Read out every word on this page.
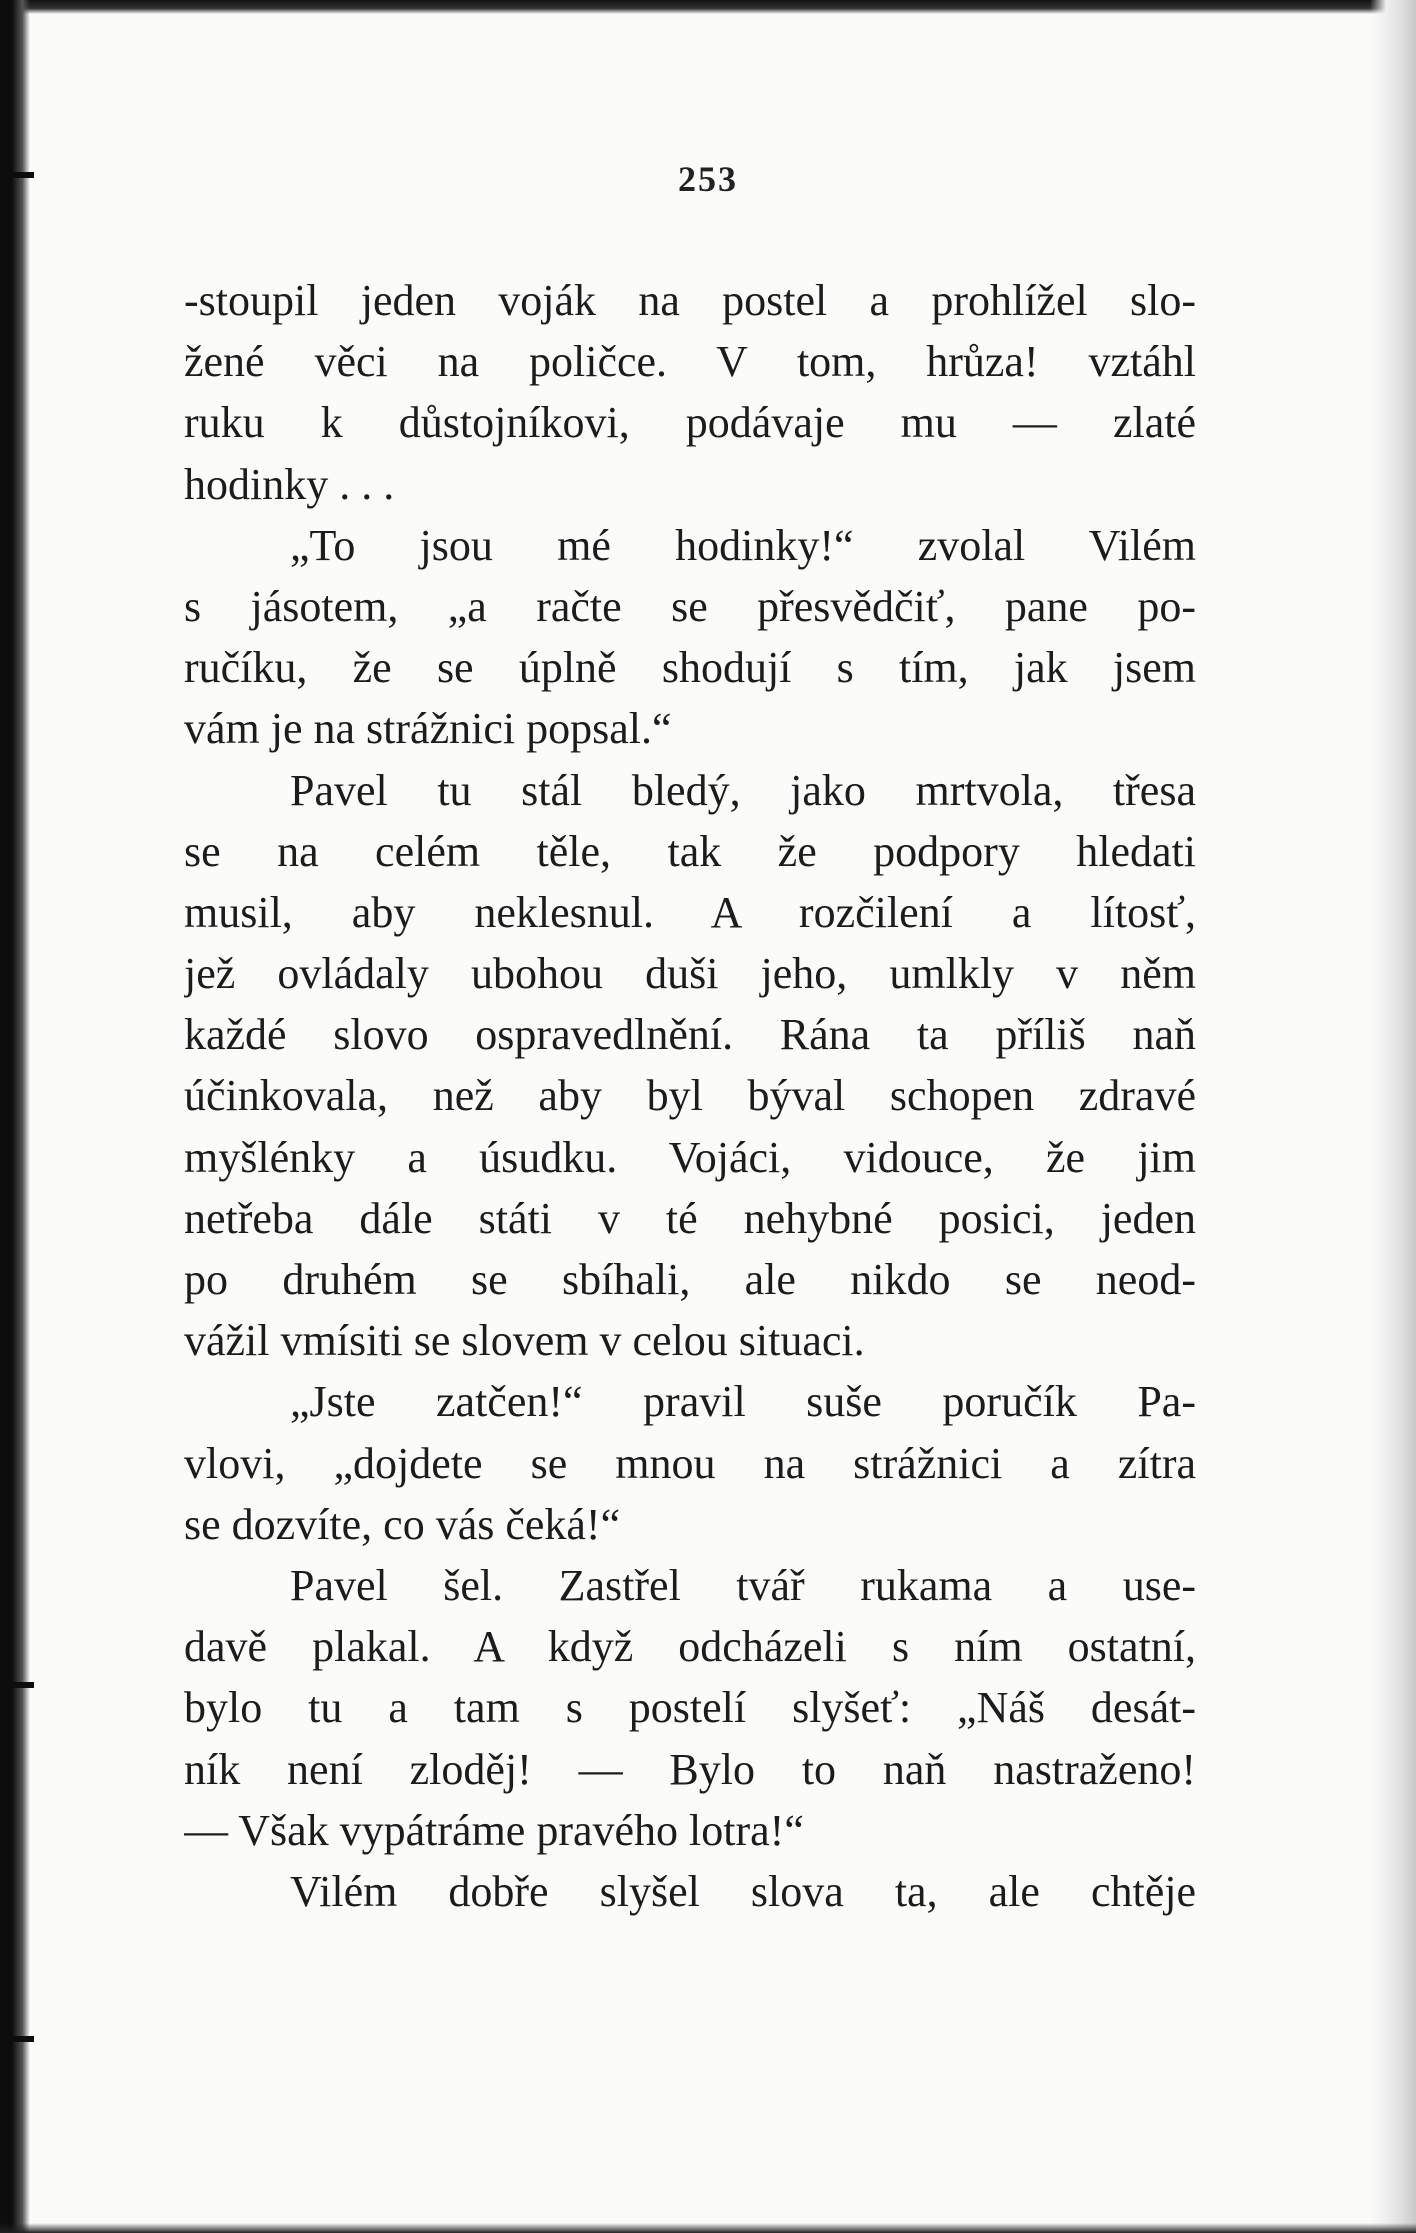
253
-stoupil jeden voják na postel a prohlížel slo-
žené věci na poličce. V tom, hrůza! vztáhl
ruku k důstojníkovi, podávaje mu — zlaté
hodinky . . .
„To jsou mé hodinky!“ zvolal Vilém
s jásotem, „a račte se přesvědčiť, pane po-
ručíku, že se úplně shodují s tím, jak jsem
vám je na strážnici popsal.“
Pavel tu stál bledý, jako mrtvola, třesa
se na celém těle, tak že podpory hledati
musil, aby neklesnul. A rozčilení a lítosť,
jež ovládaly ubohou duši jeho, umlkly v něm
každé slovo ospravedlnění. Rána ta příliš naň
účinkovala, než aby byl býval schopen zdravé
myšlénky a úsudku. Vojáci, vidouce, že jim
netřeba dále státi v té nehybné posici, jeden
po druhém se sbíhali, ale nikdo se neod-
vážil vmísiti se slovem v celou situaci.
„Jste zatčen!“ pravil suše poručík Pa-
vlovi, „dojdete se mnou na strážnici a zítra
se dozvíte, co vás čeká!“
Pavel šel. Zastřel tvář rukama a use-
davě plakal. A když odcházeli s ním ostatní,
bylo tu a tam s postelí slyšeť: „Náš desát-
ník není zloděj! — Bylo to naň nastraženo!
— Však vypátráme pravého lotra!“
Vilém dobře slyšel slova ta, ale chtěje
